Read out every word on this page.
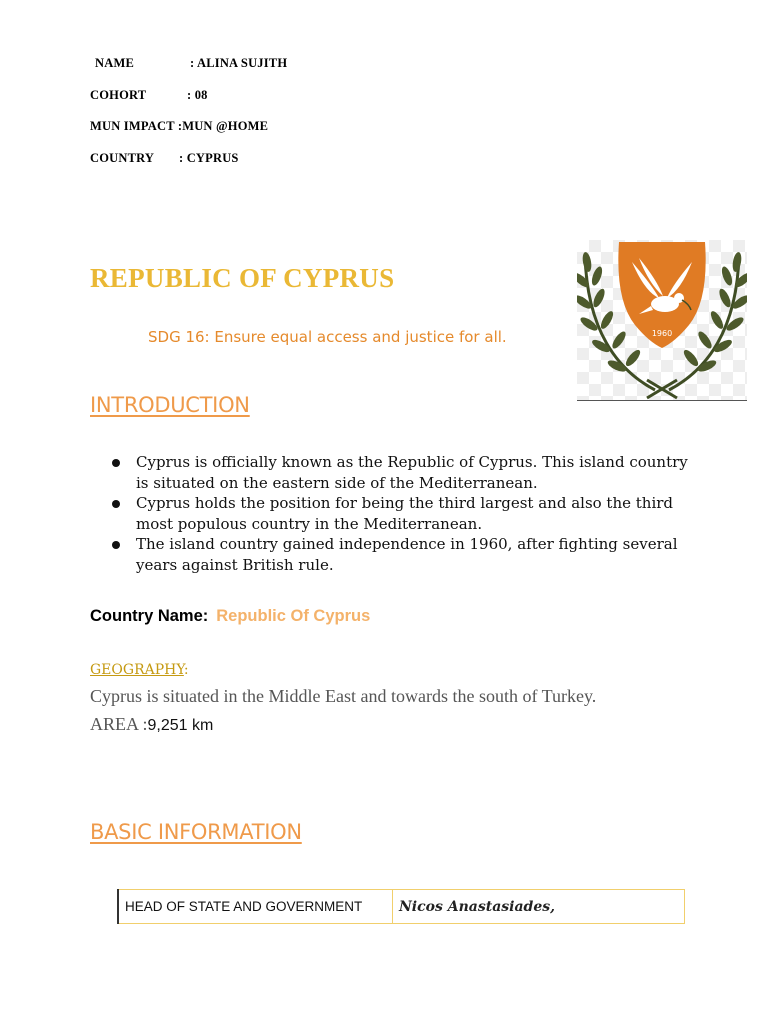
NAME	: ALINA SUJITH
COHORT	: 08
MUN IMPACT :MUN @HOME
COUNTRY : CYPRUS
REPUBLIC OF CYPRUS
SDG 16: Ensure equal access and justice for all.	1960
INTRODUCTION
Cyprus is officially known as the Republic of Cyprus. This island country is situated on the eastern side of the Mediterranean.
Cyprus holds the position for being the third largest and also the third most populous country in the Mediterranean.
The island country gained independence in 1960, after fighting several years against British rule.
Country Name: Republic Of Cyprus
GEOGRAPHY:
Cyprus is situated in the Middle East and towards the south of Turkey.
AREA :9,251 km
BASIC INFORMATION
HEAD OF STATE AND GOVERNMENT	Nicos Anastasiades,
